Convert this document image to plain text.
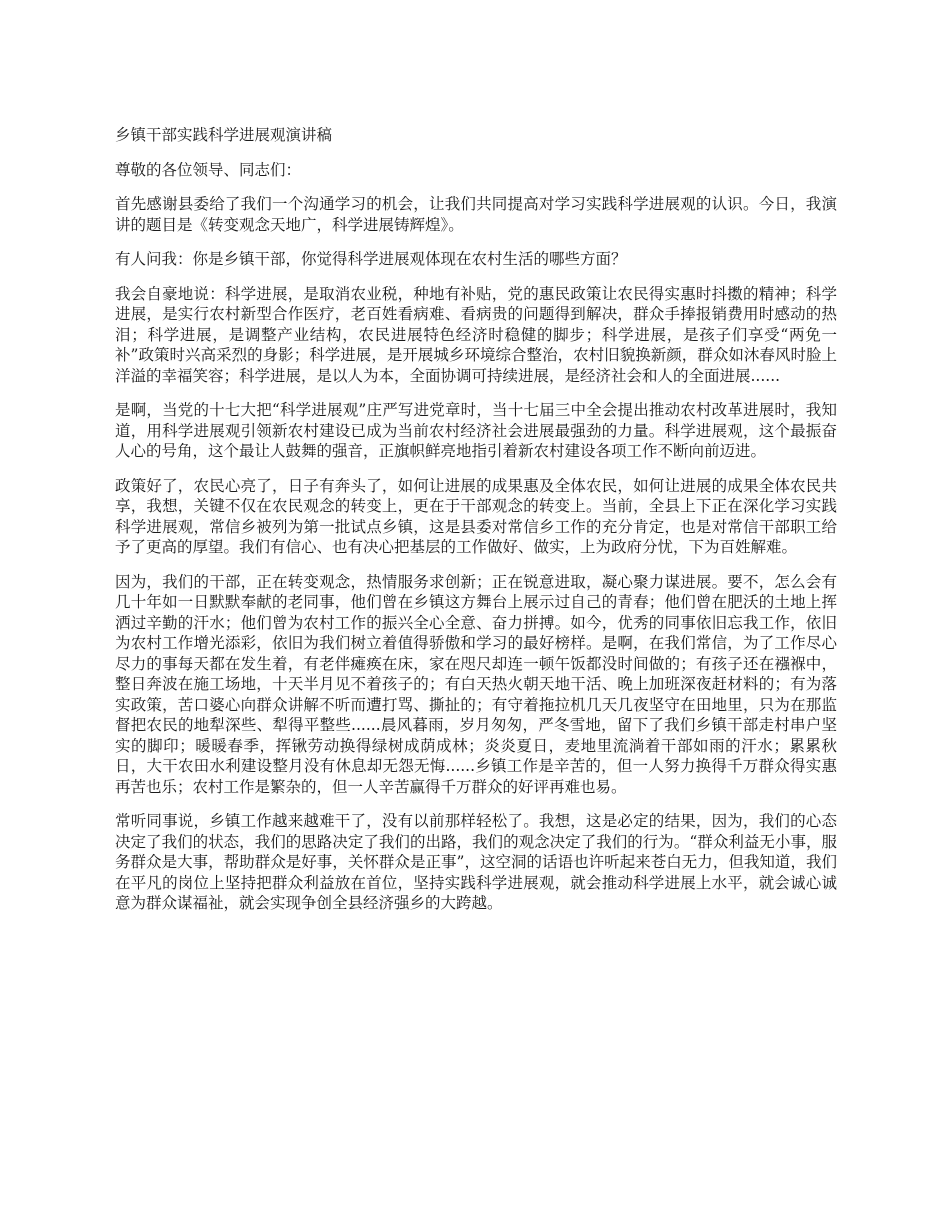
乡镇干部实践科学进展观演讲稿

尊敬的各位领导、同志们：

首先感谢县委给了我们一个沟通学习的机会，让我们共同提高对学习实践科学进展观的认识。今日，我演讲的题目是《转变观念天地广，科学进展铸辉煌》。

有人问我：你是乡镇干部，你觉得科学进展观体现在农村生活的哪些方面？

我会自豪地说：科学进展，是取消农业税，种地有补贴，党的惠民政策让农民得实惠时抖擞的精神；科学进展，是实行农村新型合作医疗，老百姓看病难、看病贵的问题得到解决，群众手捧报销费用时感动的热泪；科学进展，是调整产业结构，农民进展特色经济时稳健的脚步；科学进展，是孩子们享受“两免一补”政策时兴高采烈的身影；科学进展，是开展城乡环境综合整治，农村旧貌换新颜，群众如沐春风时脸上洋溢的幸福笑容；科学进展，是以人为本，全面协调可持续进展，是经济社会和人的全面进展......

是啊，当党的十七大把“科学进展观”庄严写进党章时，当十七届三中全会提出推动农村改革进展时，我知道，用科学进展观引领新农村建设已成为当前农村经济社会进展最强劲的力量。科学进展观，这个最振奋人心的号角，这个最让人鼓舞的强音，正旗帜鲜亮地指引着新农村建设各项工作不断向前迈进。

政策好了，农民心亮了，日子有奔头了，如何让进展的成果惠及全体农民，如何让进展的成果全体农民共享，我想，关键不仅在农民观念的转变上，更在于干部观念的转变上。当前，全县上下正在深化学习实践科学进展观，常信乡被列为第一批试点乡镇，这是县委对常信乡工作的充分肯定，也是对常信干部职工给予了更高的厚望。我们有信心、也有决心把基层的工作做好、做实，上为政府分忧，下为百姓解难。

因为，我们的干部，正在转变观念，热情服务求创新；正在锐意进取，凝心聚力谋进展。要不，怎么会有几十年如一日默默奉献的老同事，他们曾在乡镇这方舞台上展示过自己的青春；他们曾在肥沃的土地上挥洒过辛勤的汗水；他们曾为农村工作的振兴全心全意、奋力拼搏。如今，优秀的同事依旧忘我工作，依旧为农村工作增光添彩，依旧为我们树立着值得骄傲和学习的最好榜样。是啊，在我们常信，为了工作尽心尽力的事每天都在发生着，有老伴瘫痪在床，家在咫尺却连一顿午饭都没时间做的；有孩子还在襁褓中，整日奔波在施工场地，十天半月见不着孩子的；有白天热火朝天地干活、晚上加班深夜赶材料的；有为落实政策，苦口婆心向群众讲解不听而遭打骂、撕扯的；有守着拖拉机几天几夜坚守在田地里，只为在那监督把农民的地犁深些、犁得平整些......晨风暮雨，岁月匆匆，严冬雪地，留下了我们乡镇干部走村串户坚实的脚印；暖暖春季，挥锹劳动换得绿树成荫成林；炎炎夏日，麦地里流淌着干部如雨的汗水；累累秋日，大干农田水利建设整月没有休息却无怨无悔......乡镇工作是辛苦的，但一人努力换得千万群众得实惠再苦也乐；农村工作是繁杂的，但一人辛苦赢得千万群众的好评再难也易。

常听同事说，乡镇工作越来越难干了，没有以前那样轻松了。我想，这是必定的结果，因为，我们的心态决定了我们的状态，我们的思路决定了我们的出路，我们的观念决定了我们的行为。“群众利益无小事，服务群众是大事，帮助群众是好事，关怀群众是正事”，这空洞的话语也许听起来苍白无力，但我知道，我们在平凡的岗位上坚持把群众利益放在首位，坚持实践科学进展观，就会推动科学进展上水平，就会诚心诚意为群众谋福祉，就会实现争创全县经济强乡的大跨越。
